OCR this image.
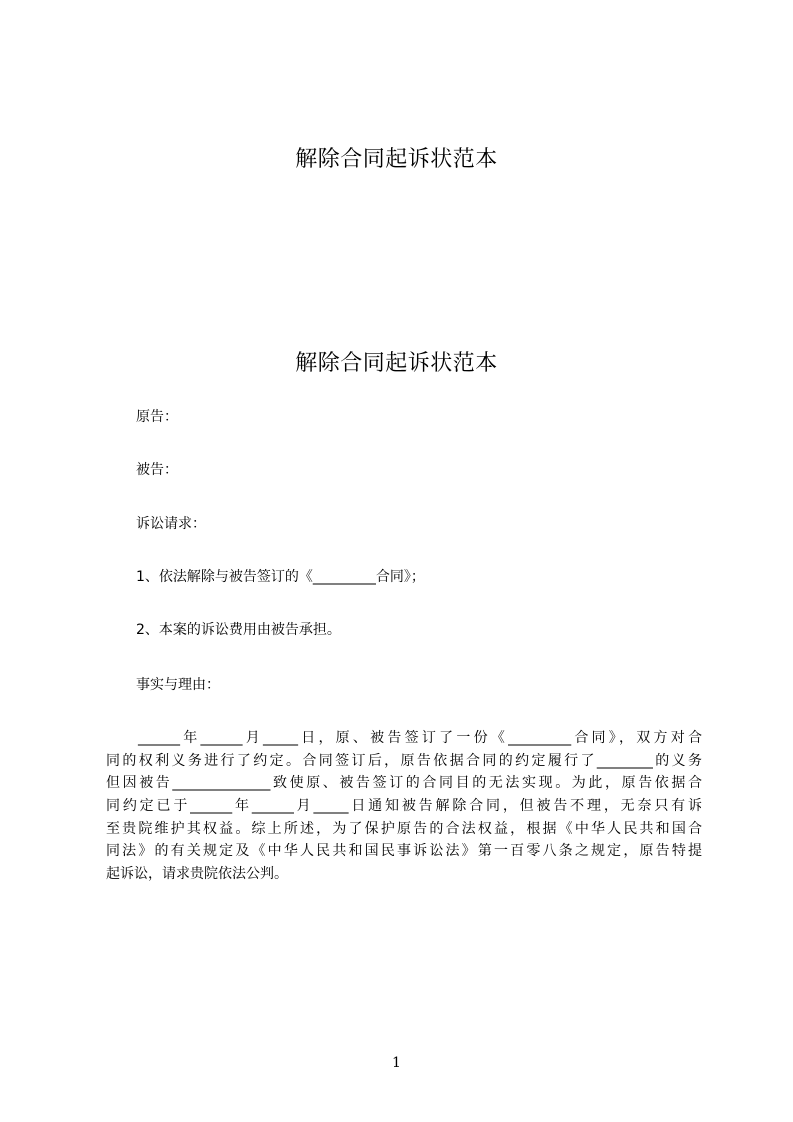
解除合同起诉状范本
解除合同起诉状范本
原告：
被告：
诉讼请求：
1、依法解除与被告签订的《_________合同》；
2、本案的诉讼费用由被告承担。
事实与理由：
______年______月_____日，原、被告签订了一份《_________合同》，双方对合
同的权利义务进行了约定。合同签订后，原告依据合同的约定履行了________的义务
但因被告______________致使原、被告签订的合同目的无法实现。为此，原告依据合
同约定已于______年______月_____日通知被告解除合同，但被告不理，无奈只有诉
至贵院维护其权益。综上所述，为了保护原告的合法权益，根据《中华人民共和国合
同法》的有关规定及《中华人民共和国民事诉讼法》第一百零八条之规定，原告特提
起诉讼，请求贵院依法公判。
1
